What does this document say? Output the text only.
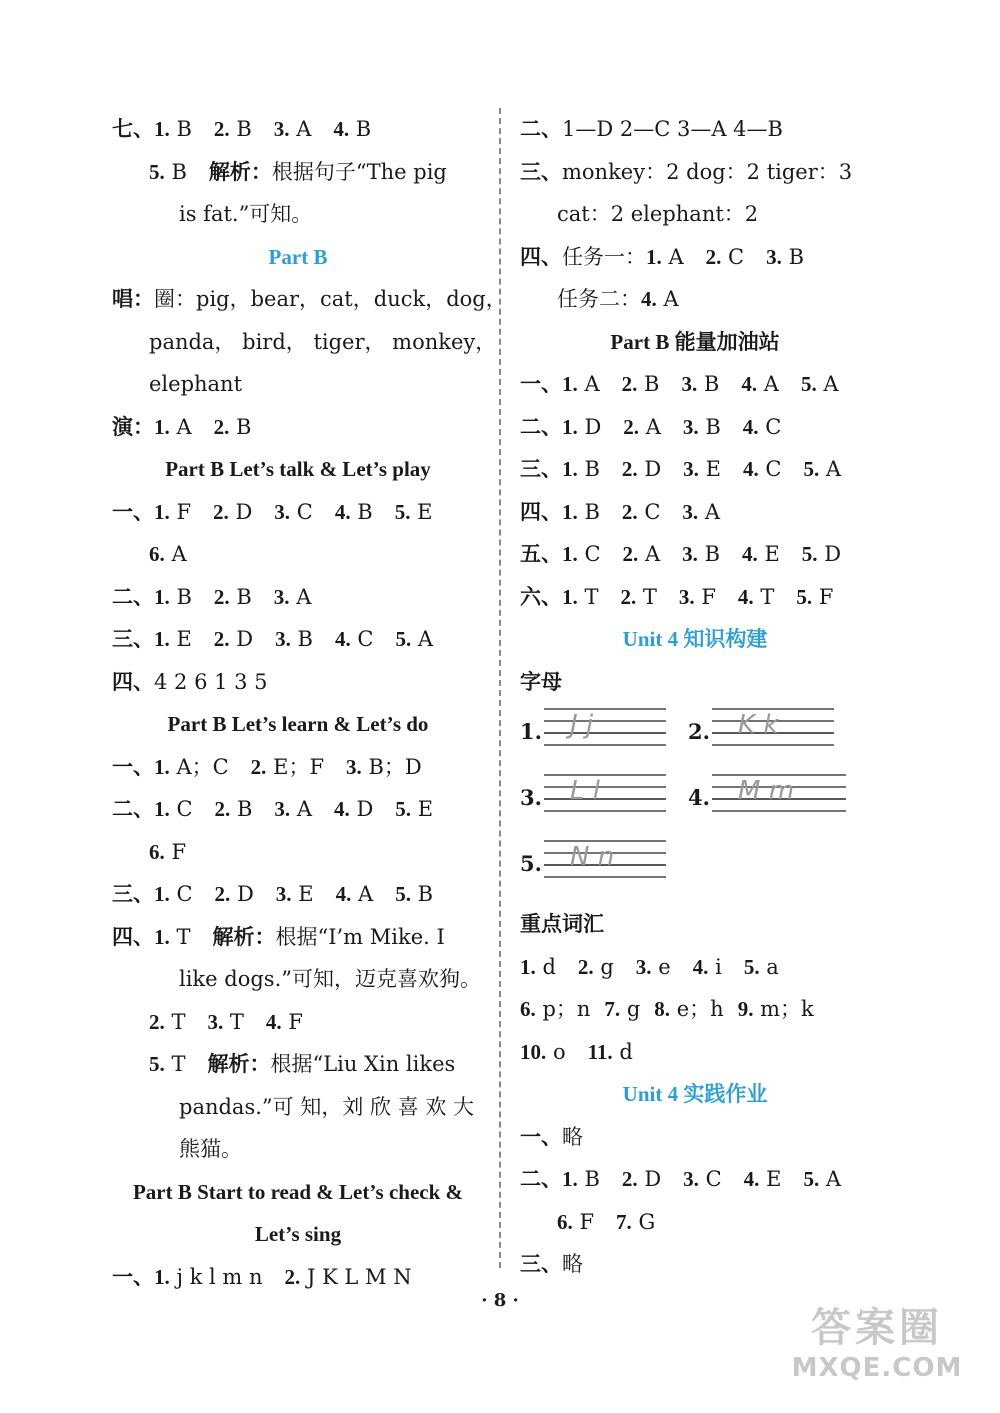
七、1. B 2. B 3. A 4. B
5. B 解析：根据句子“The pig
is fat.”可知。
Part B
唱：圈：pig，bear，cat，duck，dog，
panda， bird， tiger， monkey，
elephant
演：1. A 2. B
Part B Let’s talk & Let’s play
一、1. F 2. D 3. C 4. B 5. E
6. A
二、1. B 2. B 3. A
三、1. E 2. D 3. B 4. C 5. A
四、4 2 6 1 3 5
Part B Let’s learn & Let’s do
一、1. A；C 2. E；F 3. B；D
二、1. C 2. B 3. A 4. D 5. E
6. F
三、1. C 2. D 3. E 4. A 5. B
四、1. T 解析：根据“I’m Mike. I
like dogs.”可知，迈克喜欢狗。
2. T 3. T 4. F
5. T 解析：根据“Liu Xin likes
pandas.”可 知，刘 欣 喜 欢 大
熊猫。
Part B Start to read & Let’s check &
Let’s sing
一、1. j k l m n 2. J K L M N
二、1—D 2—C 3—A 4—B
三、monkey：2 dog：2 tiger：3
cat：2 elephant：2
四、任务一：1. A 2. C 3. B
任务二：4. A
Part B 能量加油站
一、1. A 2. B 3. B 4. A 5. A
二、1. D 2. A 3. B 4. C
三、1. B 2. D 3. E 4. C 5. A
四、1. B 2. C 3. A
五、1. C 2. A 3. B 4. E 5. D
六、1. T 2. T 3. F 4. T 5. F
Unit 4 知识构建
字母
1. J j	2. K k
3. L l	4. M m
5. N n
重点词汇
1. d 2. g 3. e 4. i 5. a
6. p；n 7. g 8. e；h 9. m；k
10. o 11. d
Unit 4 实践作业
一、略
二、1. B 2. D 3. C 4. E 5. A
6. F 7. G
三、略
· 8 ·
答案圈
MXQE.COM
